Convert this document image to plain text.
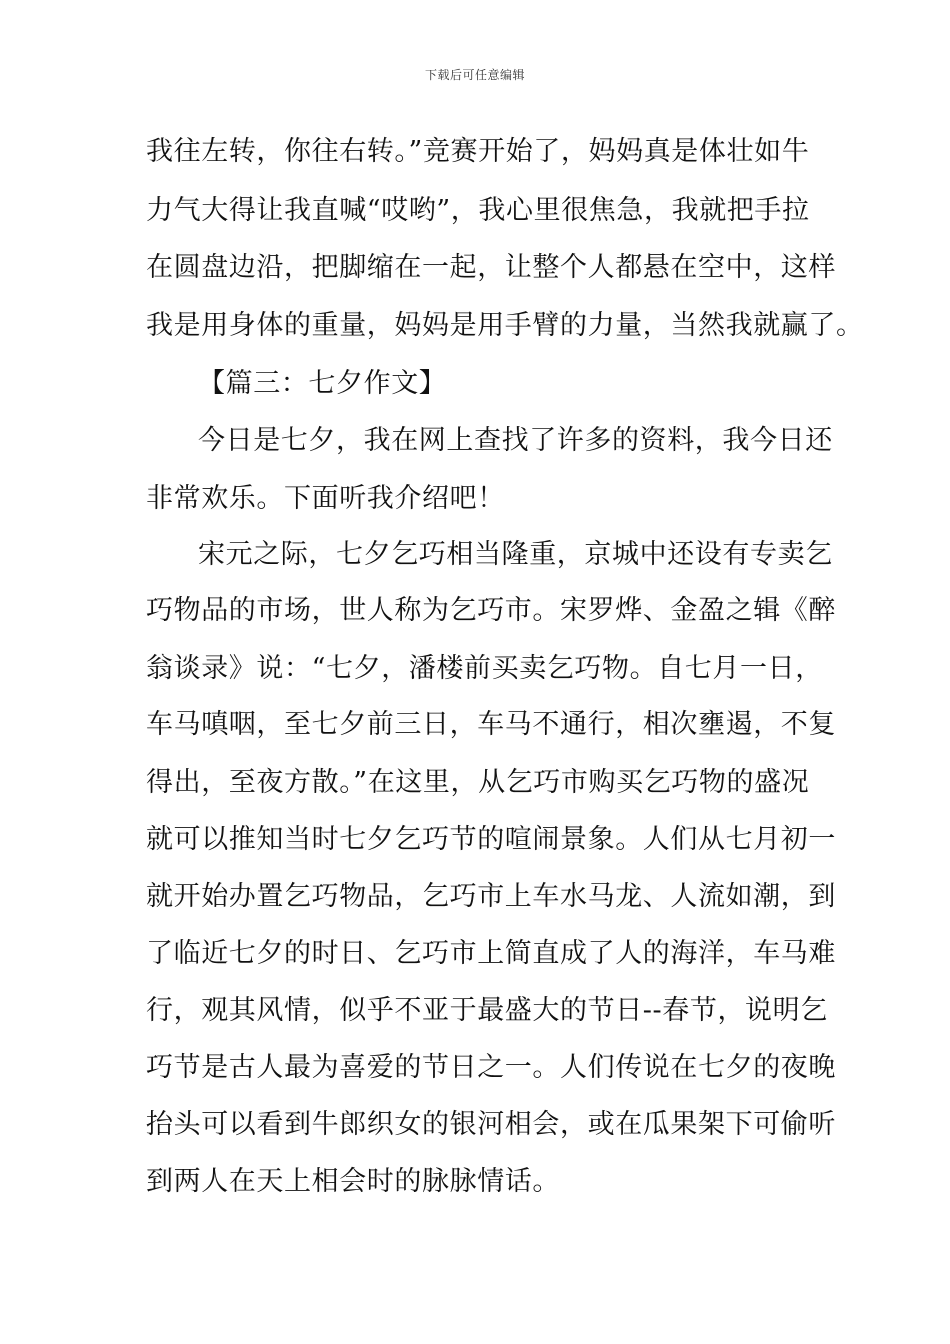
下载后可任意编辑
我往左转，你往右转。”竞赛开始了，妈妈真是体壮如牛
力气大得让我直喊“哎哟”，我心里很焦急，我就把手拉
在圆盘边沿，把脚缩在一起，让整个人都悬在空中，这样
我是用身体的重量，妈妈是用手臂的力量，当然我就赢了。
【篇三：七夕作文】
今日是七夕，我在网上查找了许多的资料，我今日还
非常欢乐。下面听我介绍吧！
宋元之际，七夕乞巧相当隆重，京城中还设有专卖乞
巧物品的市场，世人称为乞巧市。宋罗烨、金盈之辑《醉
翁谈录》说：“七夕，潘楼前买卖乞巧物。自七月一日，
车马嗔咽，至七夕前三日，车马不通行，相次壅遏，不复
得出，至夜方散。”在这里，从乞巧市购买乞巧物的盛况
就可以推知当时七夕乞巧节的喧闹景象。人们从七月初一
就开始办置乞巧物品，乞巧市上车水马龙、人流如潮，到
了临近七夕的时日、乞巧市上简直成了人的海洋，车马难
行，观其风情，似乎不亚于最盛大的节日--春节，说明乞
巧节是古人最为喜爱的节日之一。人们传说在七夕的夜晚
抬头可以看到牛郎织女的银河相会，或在瓜果架下可偷听
到两人在天上相会时的脉脉情话。
